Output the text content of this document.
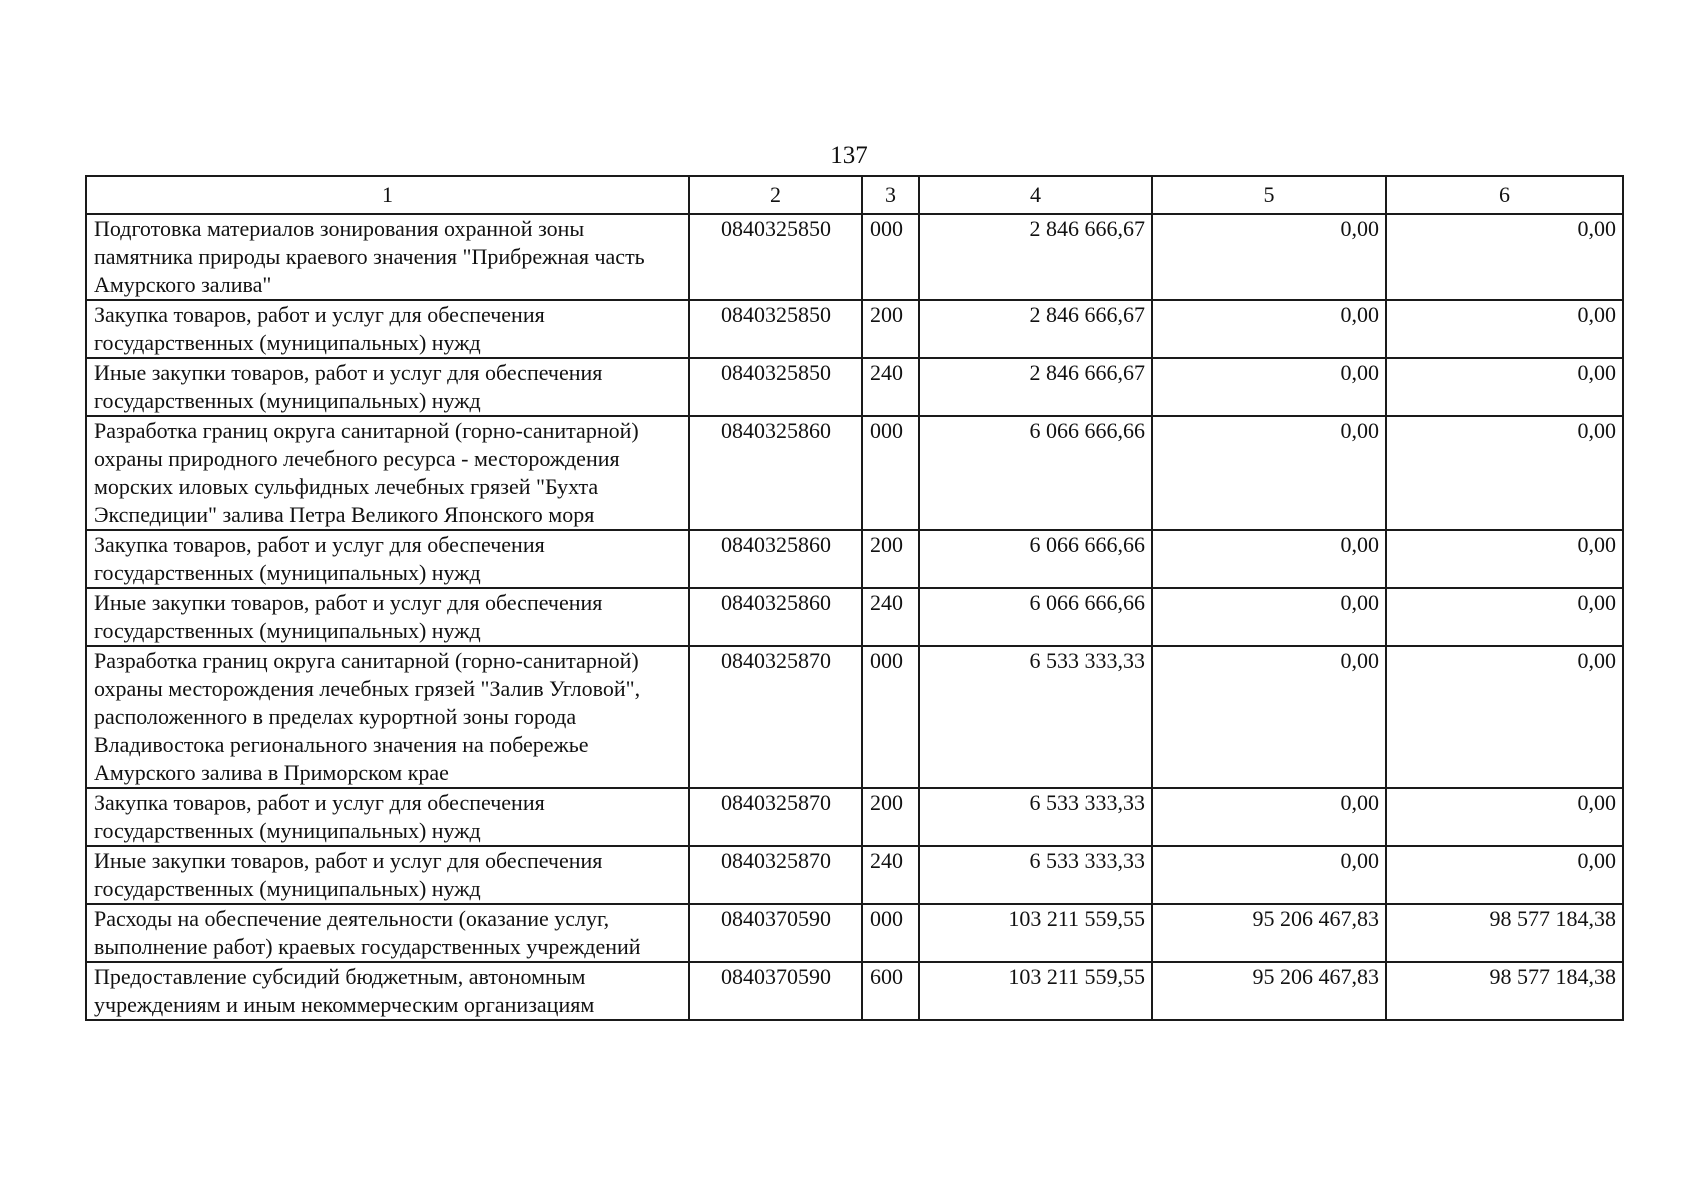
137
1	2	3	4	5	6
Подготовка материалов зонирования охранной зоны памятника природы краевого значения "Прибрежная часть Амурского залива"	0840325850	000	2 846 666,67	0,00	0,00
Закупка товаров, работ и услуг для обеспечения государственных (муниципальных) нужд	0840325850	200	2 846 666,67	0,00	0,00
Иные закупки товаров, работ и услуг для обеспечения государственных (муниципальных) нужд	0840325850	240	2 846 666,67	0,00	0,00
Разработка границ округа санитарной (горно-санитарной) охраны природного лечебного ресурса - месторождения морских иловых сульфидных лечебных грязей "Бухта Экспедиции" залива Петра Великого Японского моря	0840325860	000	6 066 666,66	0,00	0,00
Закупка товаров, работ и услуг для обеспечения государственных (муниципальных) нужд	0840325860	200	6 066 666,66	0,00	0,00
Иные закупки товаров, работ и услуг для обеспечения государственных (муниципальных) нужд	0840325860	240	6 066 666,66	0,00	0,00
Разработка границ округа санитарной (горно-санитарной) охраны месторождения лечебных грязей "Залив Угловой", расположенного в пределах курортной зоны города Владивостока регионального значения на побережье Амурского залива в Приморском крае	0840325870	000	6 533 333,33	0,00	0,00
Закупка товаров, работ и услуг для обеспечения государственных (муниципальных) нужд	0840325870	200	6 533 333,33	0,00	0,00
Иные закупки товаров, работ и услуг для обеспечения государственных (муниципальных) нужд	0840325870	240	6 533 333,33	0,00	0,00
Расходы на обеспечение деятельности (оказание услуг, выполнение работ) краевых государственных учреждений	0840370590	000	103 211 559,55	95 206 467,83	98 577 184,38
Предоставление субсидий бюджетным, автономным учреждениям и иным некоммерческим организациям	0840370590	600	103 211 559,55	95 206 467,83	98 577 184,38
